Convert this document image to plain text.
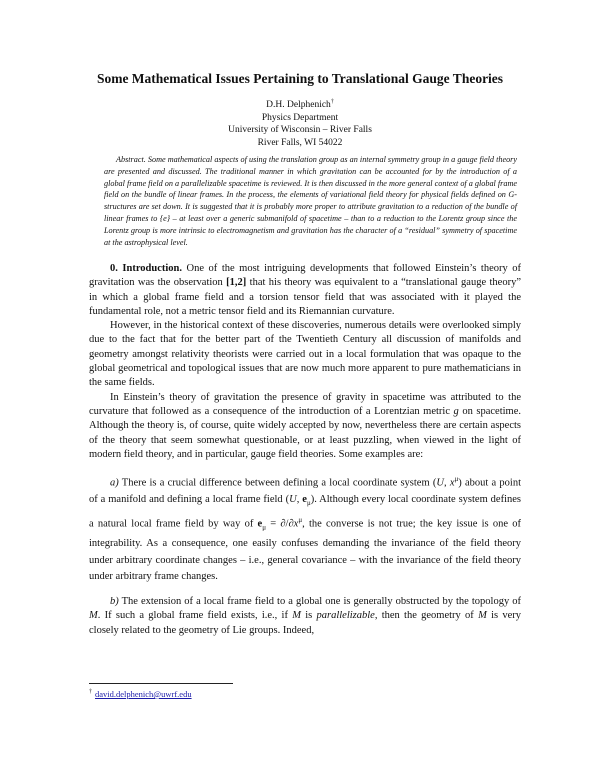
Some Mathematical Issues Pertaining to Translational Gauge Theories
D.H. Delphenich†
Physics Department
University of Wisconsin – River Falls
River Falls, WI 54022
Abstract. Some mathematical aspects of using the translation group as an internal symmetry group in a gauge field theory are presented and discussed. The traditional manner in which gravitation can be accounted for by the introduction of a global frame field on a parallelizable spacetime is reviewed. It is then discussed in the more general context of a global frame field on the bundle of linear frames. In the process, the elements of variational field theory for physical fields defined on G-structures are set down. It is suggested that it is probably more proper to attribute gravitation to a reduction of the bundle of linear frames to {e} – at least over a generic submanifold of spacetime – than to a reduction to the Lorentz group since the Lorentz group is more intrinsic to electromagnetism and gravitation has the character of a “residual” symmetry of spacetime at the astrophysical level.

0. Introduction. One of the most intriguing developments that followed Einstein’s theory of gravitation was the observation [1,2] that his theory was equivalent to a “translational gauge theory” in which a global frame field and a torsion tensor field that was associated with it played the fundamental role, not a metric tensor field and its Riemannian curvature.

However, in the historical context of these discoveries, numerous details were overlooked simply due to the fact that for the better part of the Twentieth Century all discussion of manifolds and geometry amongst relativity theorists were carried out in a local formulation that was opaque to the global geometrical and topological issues that are now much more apparent to pure mathematicians in the same fields.

In Einstein’s theory of gravitation the presence of gravity in spacetime was attributed to the curvature that followed as a consequence of the introduction of a Lorentzian metric g on spacetime. Although the theory is, of course, quite widely accepted by now, nevertheless there are certain aspects of the theory that seem somewhat questionable, or at least puzzling, when viewed in the light of modern field theory, and in particular, gauge field theories. Some examples are:

a) There is a crucial difference between defining a local coordinate system (U, $x^\mu$) about a point of a manifold and defining a local frame field (U, $e_\mu$). Although every local coordinate system defines a natural local frame field by way of $e_\mu = \partial/\partial x^\mu$, the converse is not true; the key issue is one of integrability. As a consequence, one easily confuses demanding the invariance of the field theory under arbitrary coordinate changes – i.e., general covariance – with the invariance of the field theory under arbitrary frame changes.

b) The extension of a local frame field to a global one is generally obstructed by the topology of M. If such a global frame field exists, i.e., if M is parallelizable, then the geometry of M is very closely related to the geometry of Lie groups. Indeed,

† david.delphenich@uwrf.edu
